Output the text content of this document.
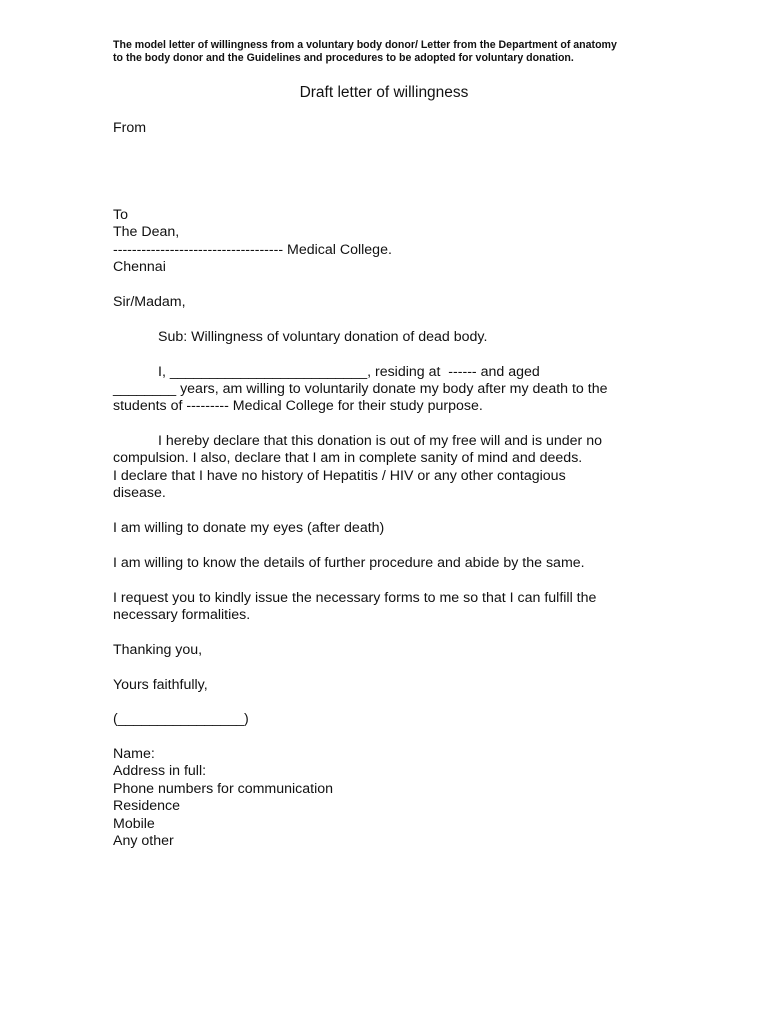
The model letter of willingness from a voluntary body donor/ Letter from the Department of anatomy
to the body donor and the Guidelines and procedures to be adopted for voluntary donation.
Draft letter of willingness
From
To
The Dean,
------------------------------------ Medical College.
Chennai
Sir/Madam,
Sub: Willingness of voluntary donation of dead body.
I, _________________________, residing at  ------ and aged
________ years, am willing to voluntarily donate my body after my death to the
students of --------- Medical College for their study purpose.
I hereby declare that this donation is out of my free will and is under no
compulsion. I also, declare that I am in complete sanity of mind and deeds.
I declare that I have no history of Hepatitis / HIV or any other contagious
disease.
I am willing to donate my eyes (after death)
I am willing to know the details of further procedure and abide by the same.
I request you to kindly issue the necessary forms to me so that I can fulfill the
necessary formalities.
Thanking you,
Yours faithfully,
(________________)
Name:
Address in full:
Phone numbers for communication
Residence
Mobile
Any other
